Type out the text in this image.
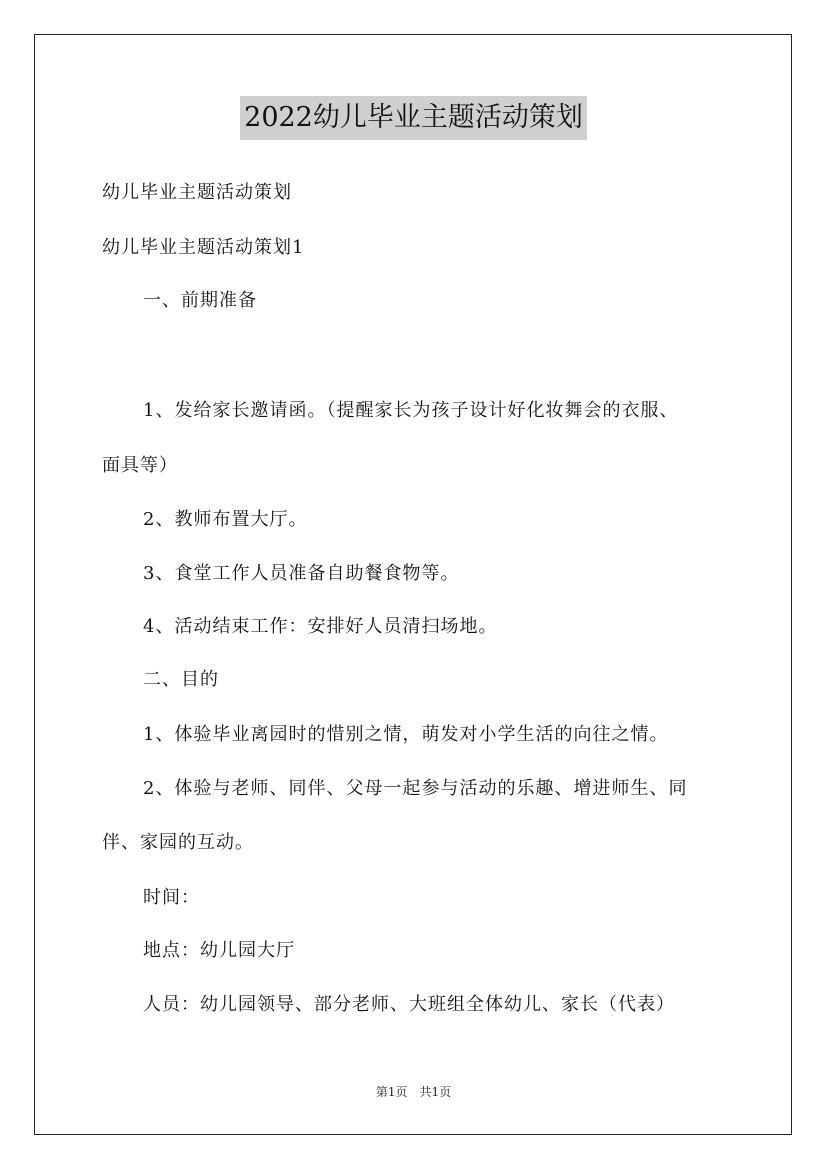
2022幼儿毕业主题活动策划
幼儿毕业主题活动策划
幼儿毕业主题活动策划1
一、前期准备
1、发给家长邀请函。（提醒家长为孩子设计好化妆舞会的衣服、
面具等）
2、教师布置大厅。
3、食堂工作人员准备自助餐食物等。
4、活动结束工作：安排好人员清扫场地。
二、目的
1、体验毕业离园时的惜别之情，萌发对小学生活的向往之情。
2、体验与老师、同伴、父母一起参与活动的乐趣、增进师生、同
伴、家园的互动。
时间：
地点：幼儿园大厅
人员：幼儿园领导、部分老师、大班组全体幼儿、家长（代表）
第1页　共1页
